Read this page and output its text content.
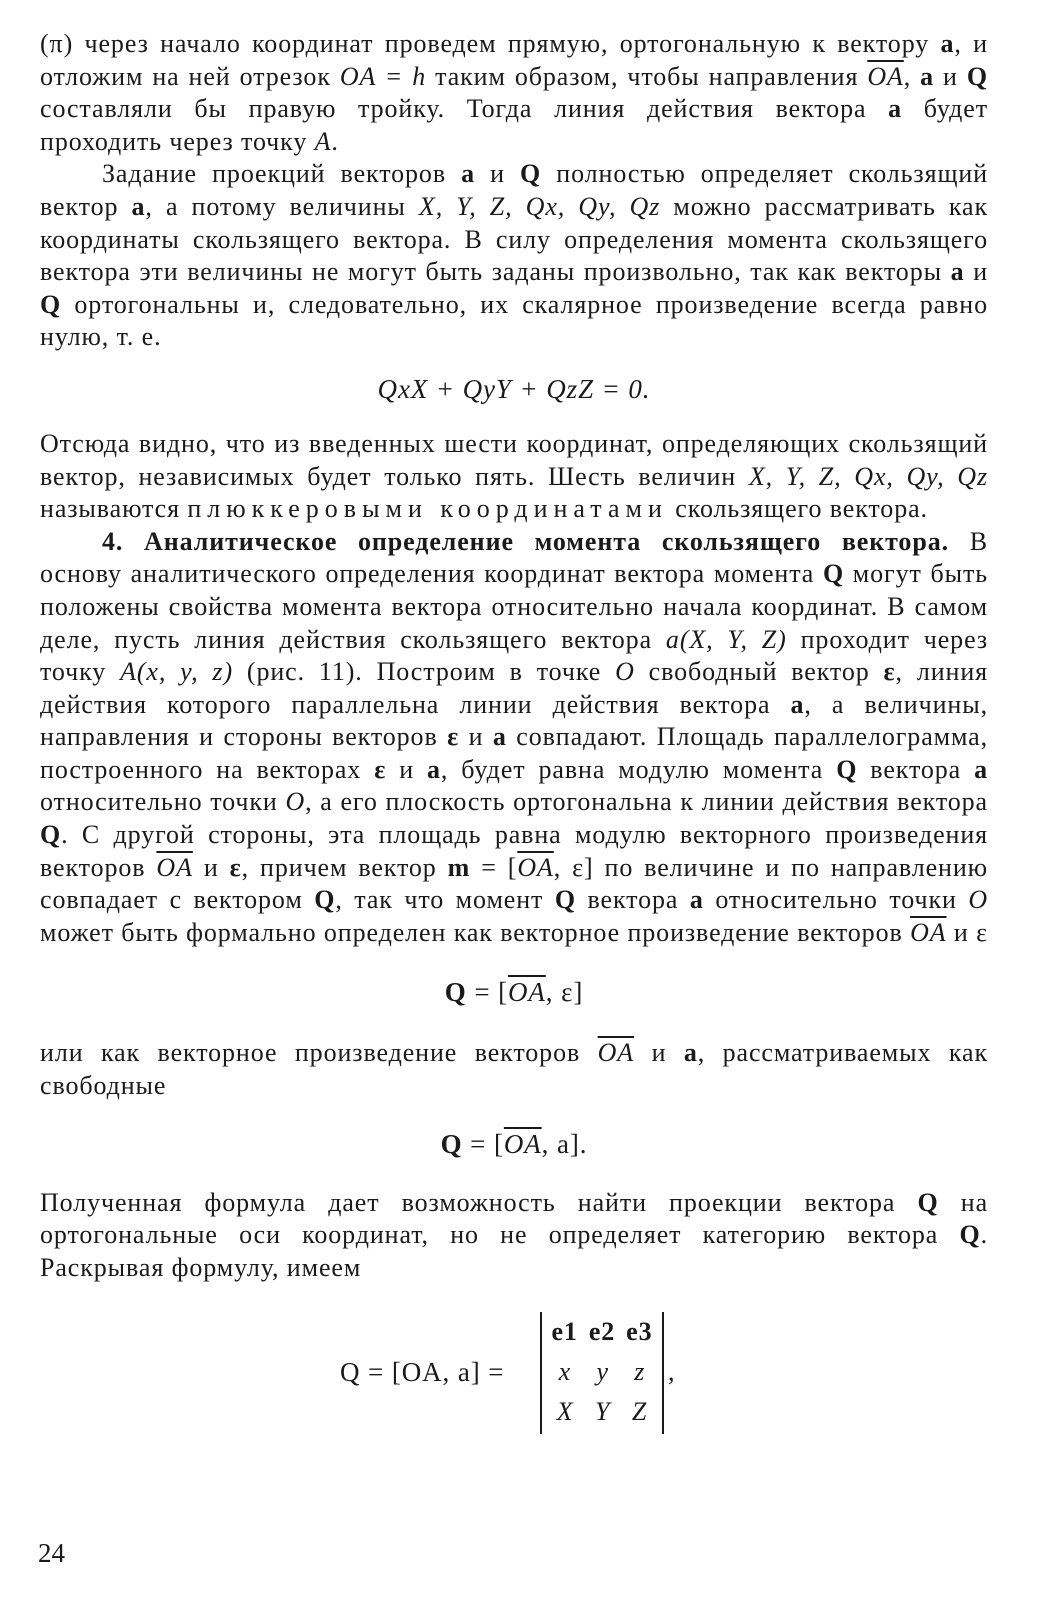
(π) через начало координат проведем прямую, ортогональную к вектору a, и отложим на ней отрезок OA = h таким образом, чтобы направления $\overline{OA}$, a и Q составляли бы правую тройку. Тогда линия действия вектора a будет проходить через точку A.

Задание проекций векторов a и Q полностью определяет скользящий вектор a, а потому величины X, Y, Z, Qx, Qy, Qz можно рассматривать как координаты скользящего вектора. В силу определения момента скользящего вектора эти величины не могут быть заданы произвольно, так как векторы a и Q ортогональны и, следовательно, их скалярное произведение всегда равно нулю, т. е.

QxX + QyY + QzZ = 0.

Отсюда видно, что из введенных шести координат, определяющих скользящий вектор, независимых будет только пять. Шесть величин X, Y, Z, Qx, Qy, Qz называются плюккеровыми координатами скользящего вектора.

4. Аналитическое определение момента скользящего вектора. В основу аналитического определения координат вектора момента Q могут быть положены свойства момента вектора относительно начала координат. В самом деле, пусть линия действия скользящего вектора a(X, Y, Z) проходит через точку A(x, y, z) (рис. 11). Построим в точке O свободный вектор ε, линия действия которого параллельна линии действия вектора a, а величины, направления и стороны векторов ε и a совпадают. Площадь параллелограмма, построенного на векторах ε и a, будет равна модулю момента Q вектора a относительно точки O, а его плоскость ортогональна к линии действия вектора Q. С другой стороны, эта площадь равна модулю векторного произведения векторов $\overline{OA}$ и ε, причем вектор $m = [\overline{OA}$, ε] по величине и по направлению совпадает с вектором Q, так что момент Q вектора a относительно точки O может быть формально определен как векторное произведение векторов $\overline{OA}$ и ε

$Q = [\overline{OA}$, ε]

или как векторное произведение векторов $\overline{OA}$ и a, рассматриваемых как свободные

$Q = [\overline{OA}$, a].

Полученная формула дает возможность найти проекции вектора Q на ортогональные оси координат, но не определяет категорию вектора Q. Раскрывая формулу, имеем

Q = [OA, a] =
e1 e2 e3
x y z
X Y Z
,
24
